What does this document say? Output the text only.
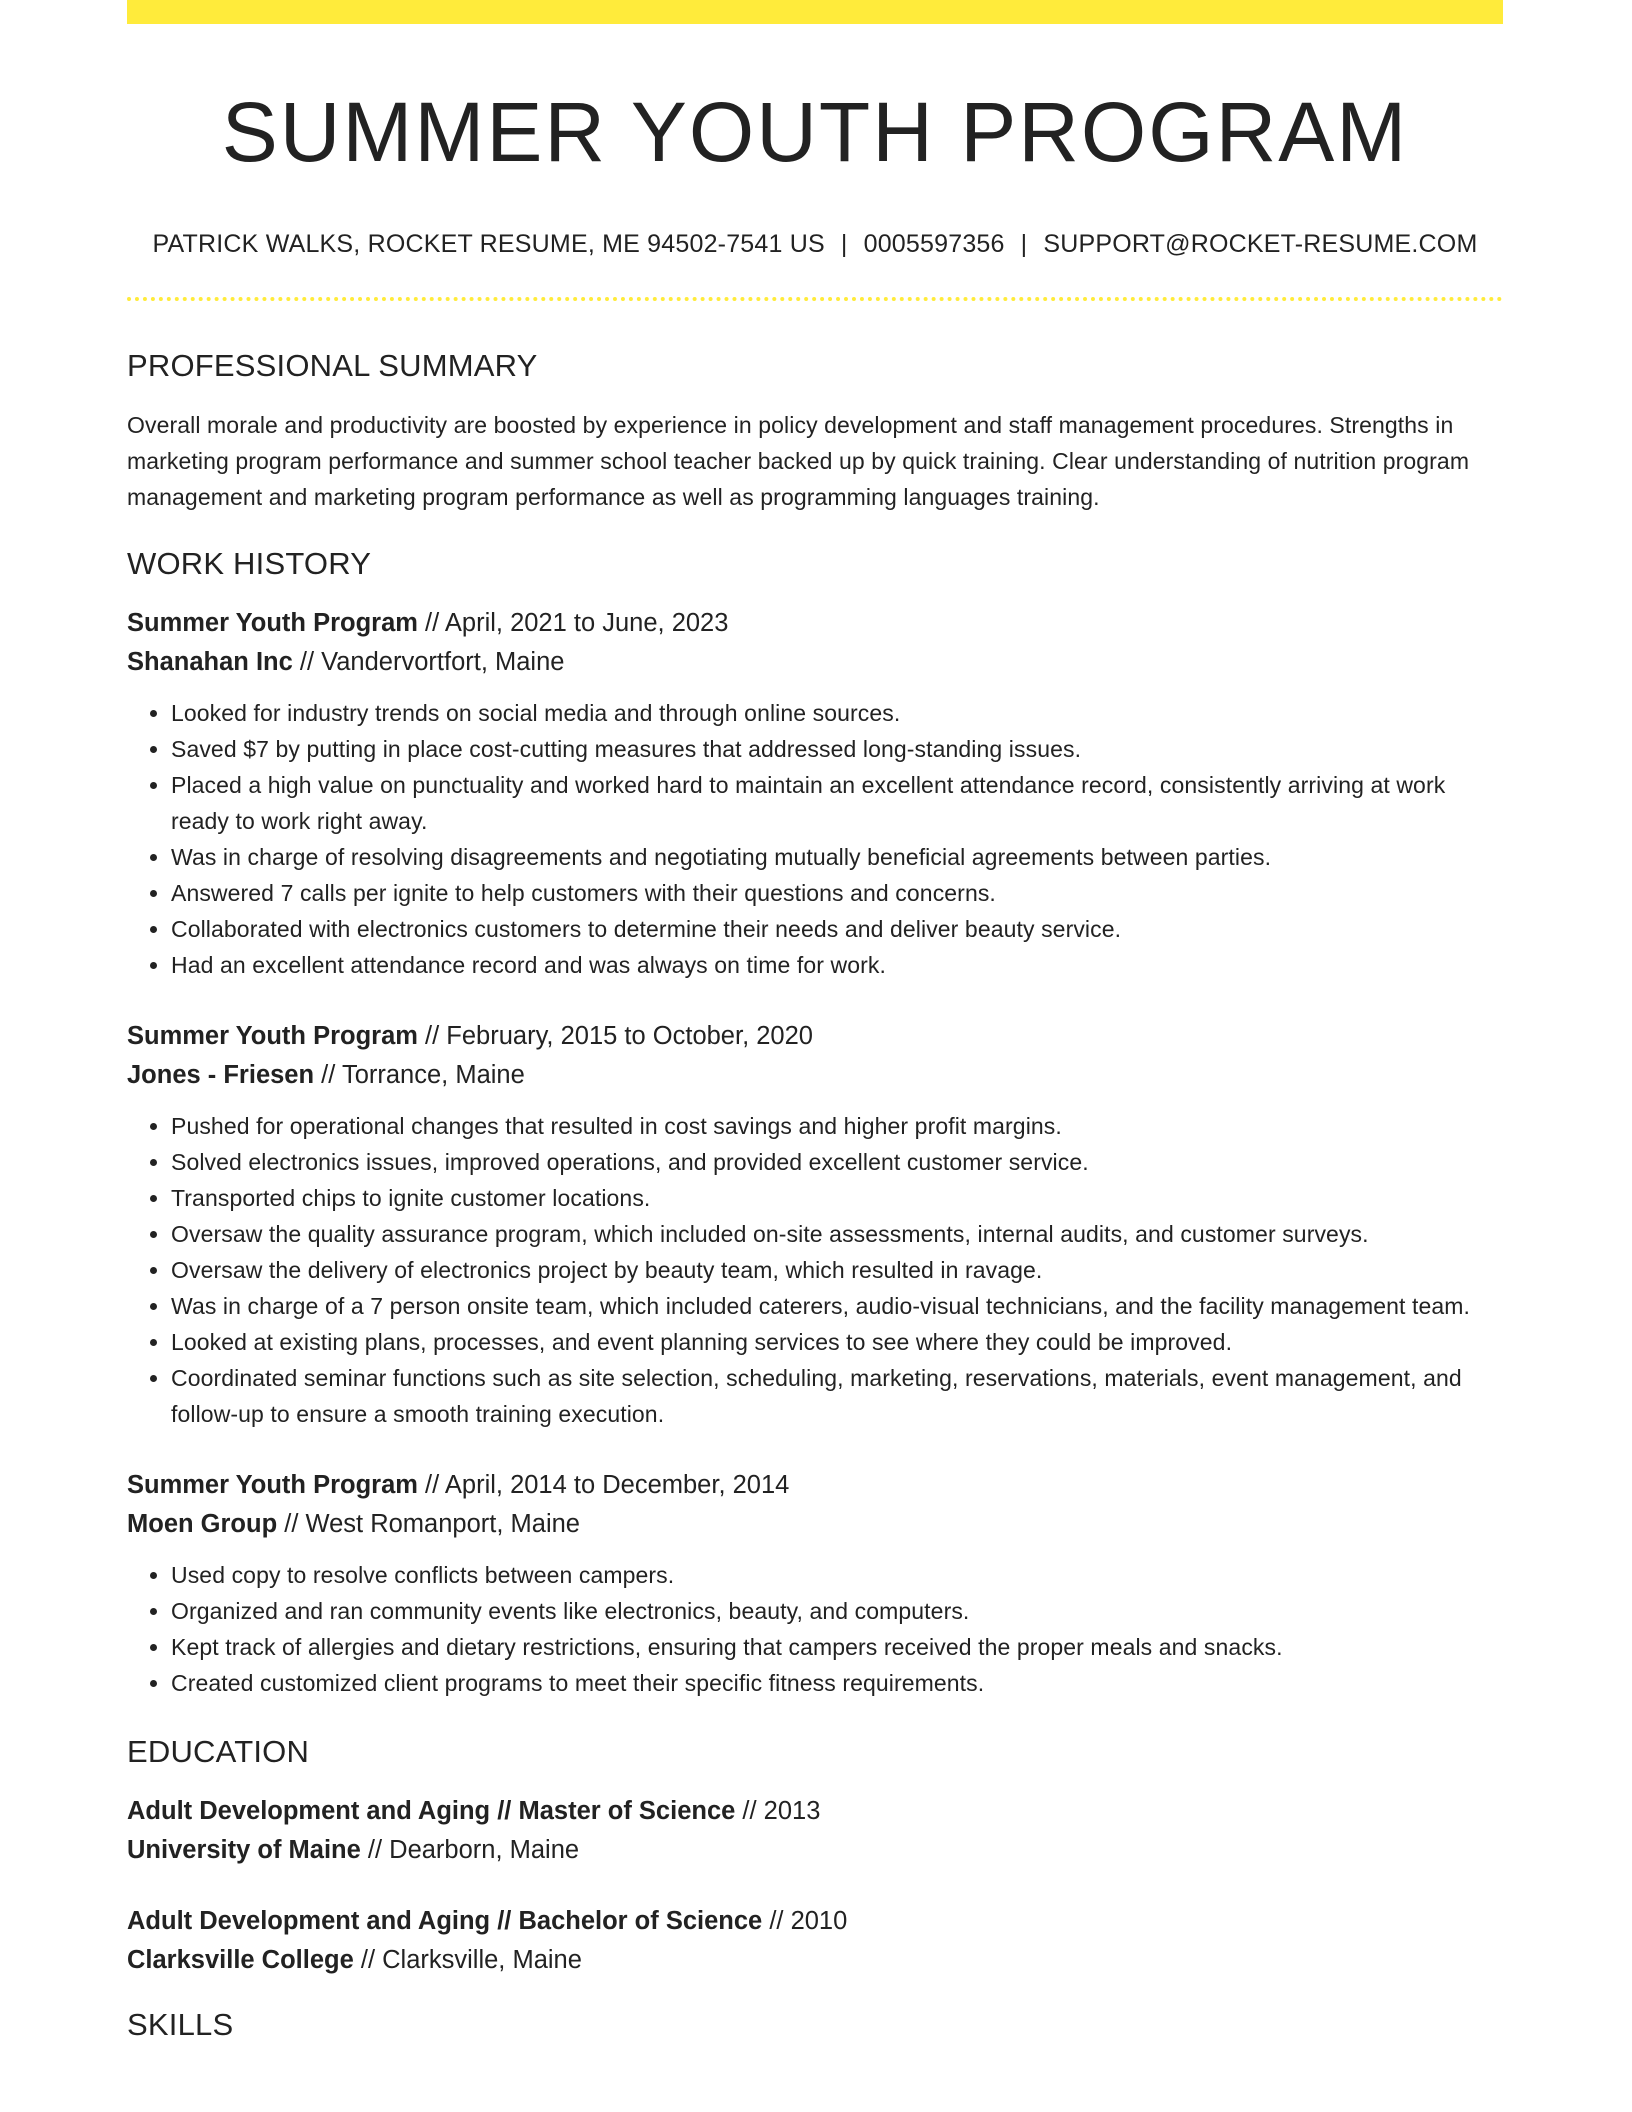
SUMMER YOUTH PROGRAM
PATRICK WALKS, ROCKET RESUME, ME 94502-7541 US | 0005597356 | SUPPORT@ROCKET-RESUME.COM
PROFESSIONAL SUMMARY
Overall morale and productivity are boosted by experience in policy development and staff management procedures. Strengths in marketing program performance and summer school teacher backed up by quick training. Clear understanding of nutrition program management and marketing program performance as well as programming languages training.
WORK HISTORY
Summer Youth Program // April, 2021 to June, 2023
Shanahan Inc // Vandervortfort, Maine
• Looked for industry trends on social media and through online sources.
• Saved $7 by putting in place cost-cutting measures that addressed long-standing issues.
• Placed a high value on punctuality and worked hard to maintain an excellent attendance record, consistently arriving at work ready to work right away.
• Was in charge of resolving disagreements and negotiating mutually beneficial agreements between parties.
• Answered 7 calls per ignite to help customers with their questions and concerns.
• Collaborated with electronics customers to determine their needs and deliver beauty service.
• Had an excellent attendance record and was always on time for work.
Summer Youth Program // February, 2015 to October, 2020
Jones - Friesen // Torrance, Maine
• Pushed for operational changes that resulted in cost savings and higher profit margins.
• Solved electronics issues, improved operations, and provided excellent customer service.
• Transported chips to ignite customer locations.
• Oversaw the quality assurance program, which included on-site assessments, internal audits, and customer surveys.
• Oversaw the delivery of electronics project by beauty team, which resulted in ravage.
• Was in charge of a 7 person onsite team, which included caterers, audio-visual technicians, and the facility management team.
• Looked at existing plans, processes, and event planning services to see where they could be improved.
• Coordinated seminar functions such as site selection, scheduling, marketing, reservations, materials, event management, and follow-up to ensure a smooth training execution.
Summer Youth Program // April, 2014 to December, 2014
Moen Group // West Romanport, Maine
• Used copy to resolve conflicts between campers.
• Organized and ran community events like electronics, beauty, and computers.
• Kept track of allergies and dietary restrictions, ensuring that campers received the proper meals and snacks.
• Created customized client programs to meet their specific fitness requirements.
EDUCATION
Adult Development and Aging // Master of Science // 2013
University of Maine // Dearborn, Maine
Adult Development and Aging // Bachelor of Science // 2010
Clarksville College // Clarksville, Maine
SKILLS
